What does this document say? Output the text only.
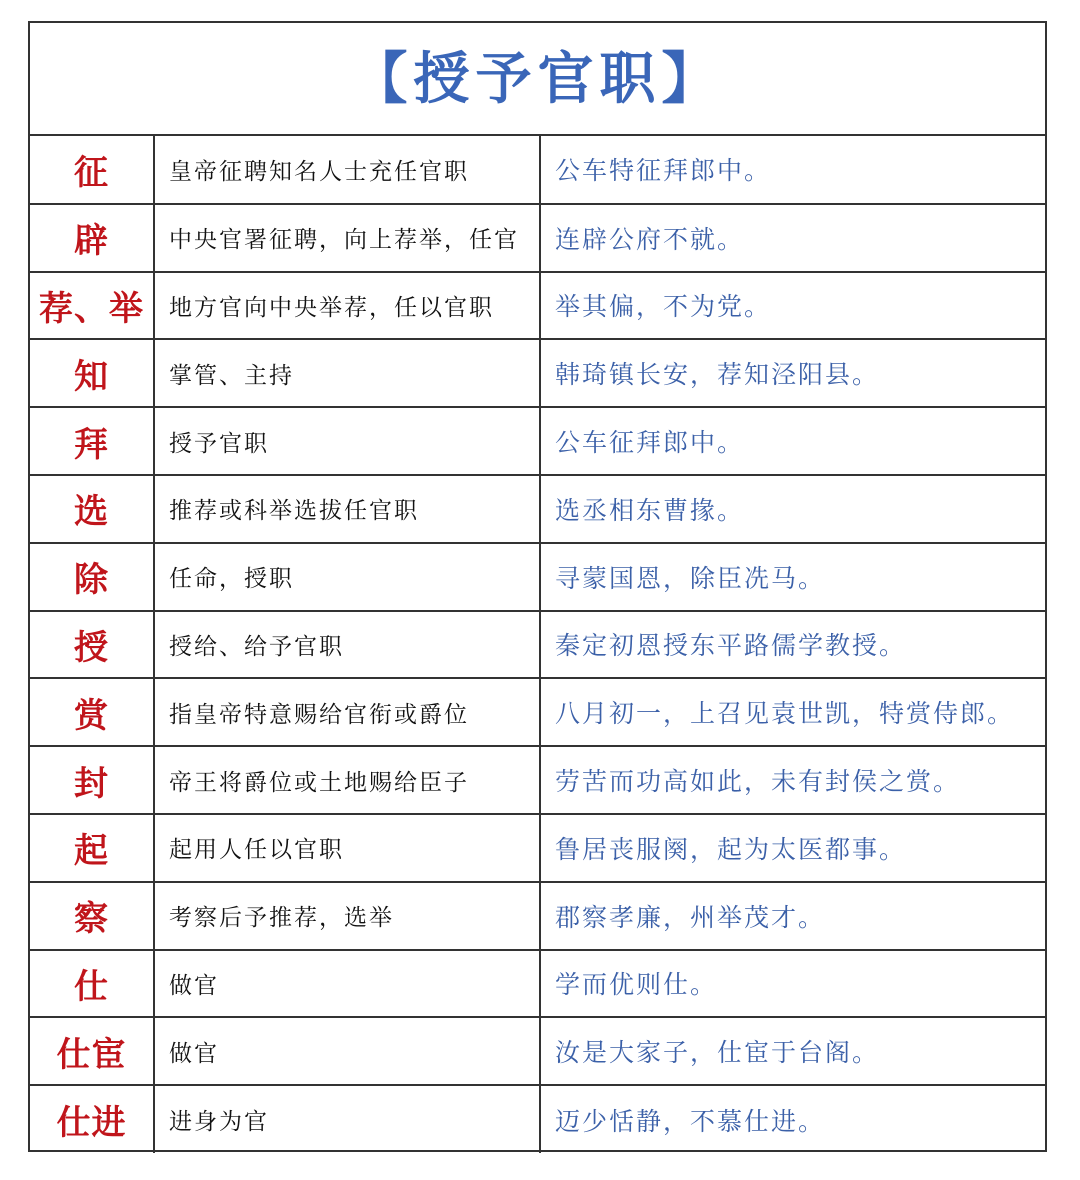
【授予官职】
征	皇帝征聘知名人士充任官职	公车特征拜郎中。
辟	中央官署征聘，向上荐举，任官	连辟公府不就。
荐、举	地方官向中央举荐，任以官职	举其偏，不为党。
知	掌管、主持	韩琦镇长安，荐知泾阳县。
拜	授予官职	公车征拜郎中。
选	推荐或科举选拔任官职	选丞相东曹掾。
除	任命，授职	寻蒙国恩，除臣冼马。
授	授给、给予官职	秦定初恩授东平路儒学教授。
赏	指皇帝特意赐给官衔或爵位	八月初一，上召见袁世凯，特赏侍郎。
封	帝王将爵位或土地赐给臣子	劳苦而功高如此，未有封侯之赏。
起	起用人任以官职	鲁居丧服阕，起为太医都事。
察	考察后予推荐，选举	郡察孝廉，州举茂才。
仕	做官	学而优则仕。
仕宦	做官	汝是大家子，仕宦于台阁。
仕进	进身为官	迈少恬静，不慕仕进。
